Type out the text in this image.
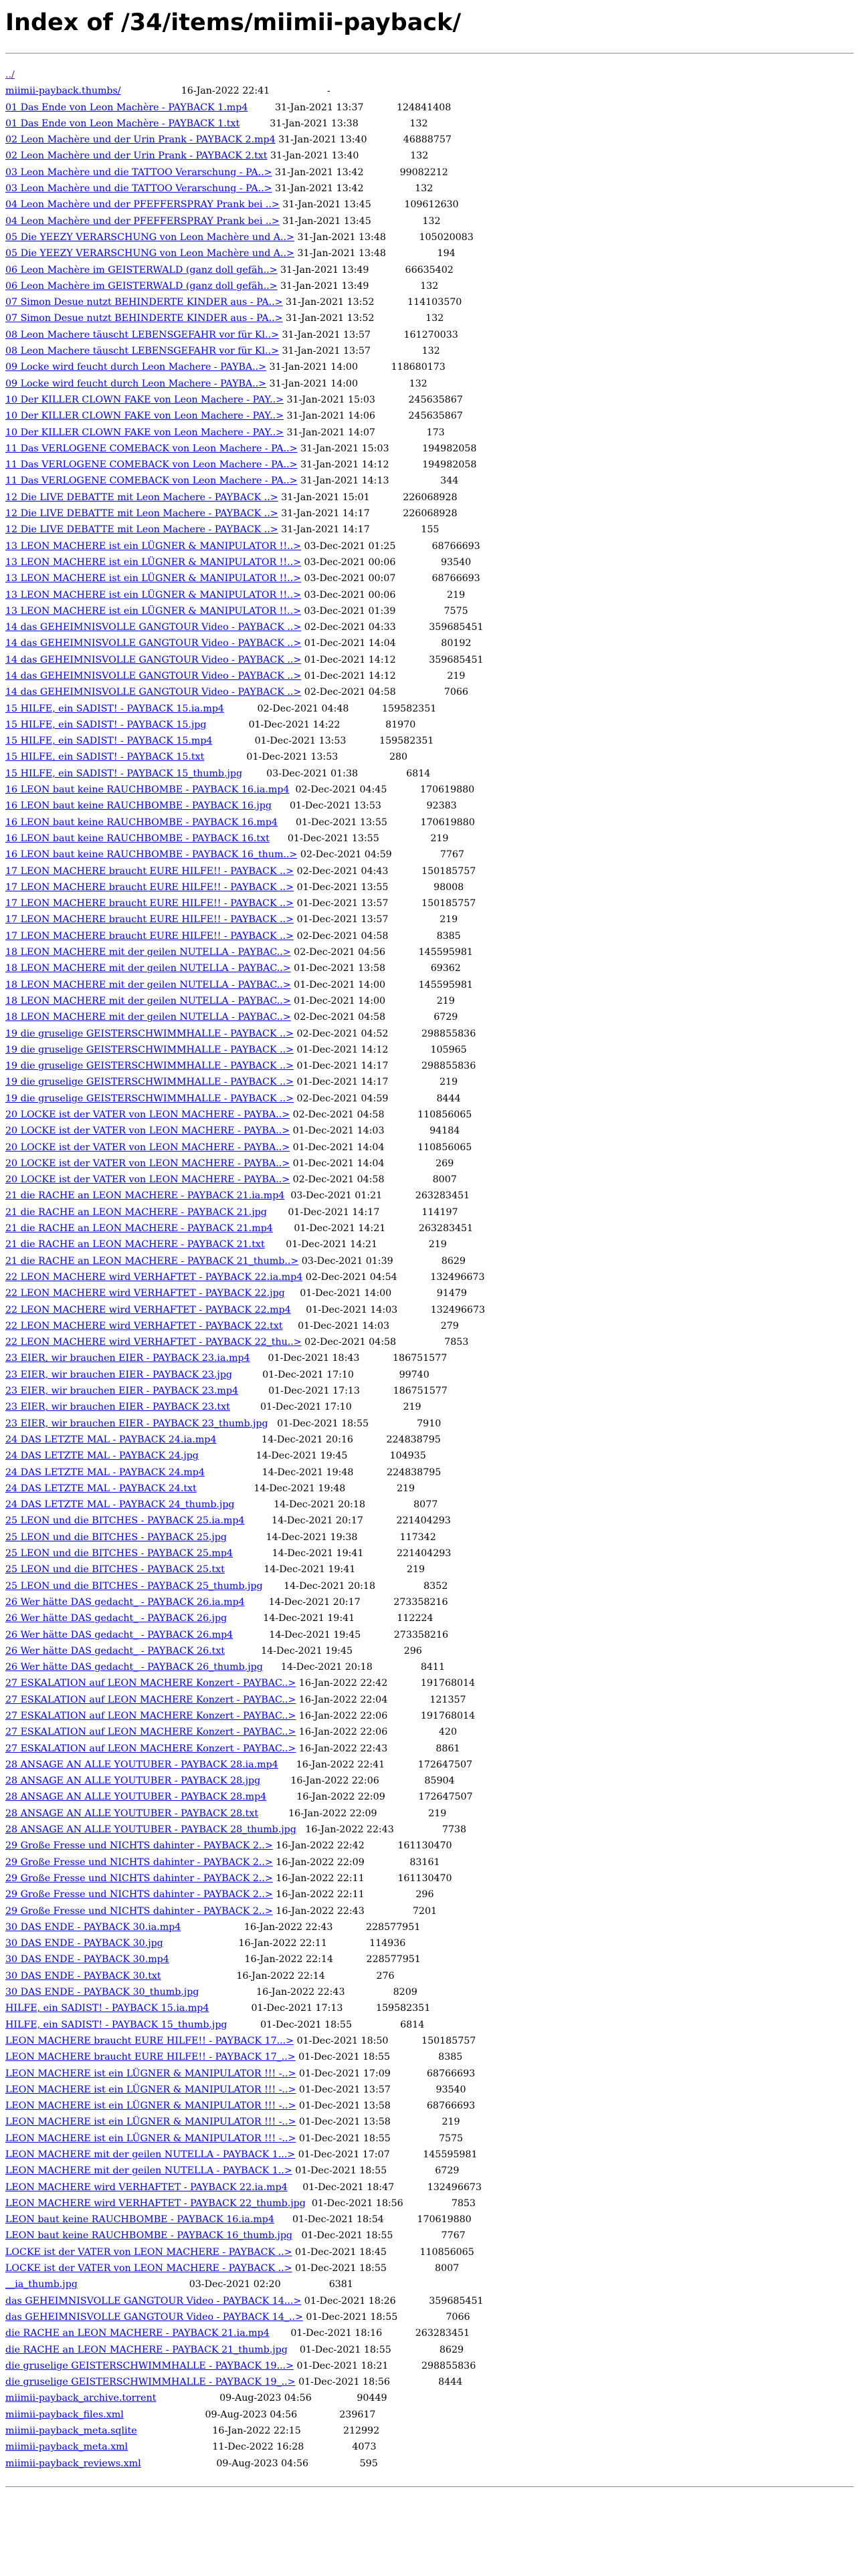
Index of /34/items/miimii-payback/
../
miimii-payback.thumbs/                    16-Jan-2022 22:41                   -
01 Das Ende von Leon Machère - PAYBACK 1.mp4         31-Jan-2021 13:37           124841408
01 Das Ende von Leon Machère - PAYBACK 1.txt          31-Jan-2021 13:38                 132
02 Leon Machère und der Urin Prank - PAYBACK 2.mp4 31-Jan-2021 13:40            46888757
02 Leon Machère und der Urin Prank - PAYBACK 2.txt 31-Jan-2021 13:40                 132
03 Leon Machère und die TATTOO Verarschung - PA..> 31-Jan-2021 13:42            99082212
03 Leon Machère und die TATTOO Verarschung - PA..> 31-Jan-2021 13:42                 132
04 Leon Machère und der PFEFFERSPRAY Prank bei ..> 31-Jan-2021 13:45           109612630
04 Leon Machère und der PFEFFERSPRAY Prank bei ..> 31-Jan-2021 13:45                 132
05 Die YEEZY VERARSCHUNG von Leon Machère und A..> 31-Jan-2021 13:48           105020083
05 Die YEEZY VERARSCHUNG von Leon Machère und A..> 31-Jan-2021 13:48                 194
06 Leon Machère im GEISTERWALD (ganz doll gefäh..> 31-Jan-2021 13:49            66635402
06 Leon Machère im GEISTERWALD (ganz doll gefäh..> 31-Jan-2021 13:49                 132
07 Simon Desue nutzt BEHINDERTE KINDER aus - PA..> 31-Jan-2021 13:52           114103570
07 Simon Desue nutzt BEHINDERTE KINDER aus - PA..> 31-Jan-2021 13:52                 132
08 Leon Machere täuscht LEBENSGEFAHR vor für Kl..> 31-Jan-2021 13:57           161270033
08 Leon Machere täuscht LEBENSGEFAHR vor für Kl..> 31-Jan-2021 13:57                 132
09 Locke wird feucht durch Leon Machere - PAYBA..> 31-Jan-2021 14:00           118680173
09 Locke wird feucht durch Leon Machere - PAYBA..> 31-Jan-2021 14:00                 132
10 Der KILLER CLOWN FAKE von Leon Machere - PAY..> 31-Jan-2021 15:03           245635867
10 Der KILLER CLOWN FAKE von Leon Machere - PAY..> 31-Jan-2021 14:06           245635867
10 Der KILLER CLOWN FAKE von Leon Machere - PAY..> 31-Jan-2021 14:07                 173
11 Das VERLOGENE COMEBACK von Leon Machere - PA..> 31-Jan-2021 15:03           194982058
11 Das VERLOGENE COMEBACK von Leon Machere - PA..> 31-Jan-2021 14:12           194982058
11 Das VERLOGENE COMEBACK von Leon Machere - PA..> 31-Jan-2021 14:13                 344
12 Die LIVE DEBATTE mit Leon Machere - PAYBACK ..> 31-Jan-2021 15:01           226068928
12 Die LIVE DEBATTE mit Leon Machere - PAYBACK ..> 31-Jan-2021 14:17           226068928
12 Die LIVE DEBATTE mit Leon Machere - PAYBACK ..> 31-Jan-2021 14:17                 155
13 LEON MACHERE ist ein LÜGNER & MANIPULATOR !!..> 03-Dec-2021 01:25            68766693
13 LEON MACHERE ist ein LÜGNER & MANIPULATOR !!..> 03-Dec-2021 00:06               93540
13 LEON MACHERE ist ein LÜGNER & MANIPULATOR !!..> 03-Dec-2021 00:07            68766693
13 LEON MACHERE ist ein LÜGNER & MANIPULATOR !!..> 03-Dec-2021 00:06                 219
13 LEON MACHERE ist ein LÜGNER & MANIPULATOR !!..> 03-Dec-2021 01:39                7575
14 das GEHEIMNISVOLLE GANGTOUR Video - PAYBACK ..> 02-Dec-2021 04:33           359685451
14 das GEHEIMNISVOLLE GANGTOUR Video - PAYBACK ..> 01-Dec-2021 14:04               80192
14 das GEHEIMNISVOLLE GANGTOUR Video - PAYBACK ..> 01-Dec-2021 14:12           359685451
14 das GEHEIMNISVOLLE GANGTOUR Video - PAYBACK ..> 01-Dec-2021 14:12                 219
14 das GEHEIMNISVOLLE GANGTOUR Video - PAYBACK ..> 02-Dec-2021 04:58                7066
15 HILFE, ein SADIST! - PAYBACK 15.ia.mp4           02-Dec-2021 04:48           159582351
15 HILFE, ein SADIST! - PAYBACK 15.jpg              01-Dec-2021 14:22               81970
15 HILFE, ein SADIST! - PAYBACK 15.mp4              01-Dec-2021 13:53           159582351
15 HILFE, ein SADIST! - PAYBACK 15.txt              01-Dec-2021 13:53                 280
15 HILFE, ein SADIST! - PAYBACK 15_thumb.jpg        03-Dec-2021 01:38                6814
16 LEON baut keine RAUCHBOMBE - PAYBACK 16.ia.mp4  02-Dec-2021 04:45           170619880
16 LEON baut keine RAUCHBOMBE - PAYBACK 16.jpg      01-Dec-2021 13:53               92383
16 LEON baut keine RAUCHBOMBE - PAYBACK 16.mp4      01-Dec-2021 13:55           170619880
16 LEON baut keine RAUCHBOMBE - PAYBACK 16.txt      01-Dec-2021 13:55                 219
16 LEON baut keine RAUCHBOMBE - PAYBACK 16_thum..> 02-Dec-2021 04:59                7767
17 LEON MACHERE braucht EURE HILFE!! - PAYBACK ..> 02-Dec-2021 04:43           150185757
17 LEON MACHERE braucht EURE HILFE!! - PAYBACK ..> 01-Dec-2021 13:55               98008
17 LEON MACHERE braucht EURE HILFE!! - PAYBACK ..> 01-Dec-2021 13:57           150185757
17 LEON MACHERE braucht EURE HILFE!! - PAYBACK ..> 01-Dec-2021 13:57                 219
17 LEON MACHERE braucht EURE HILFE!! - PAYBACK ..> 02-Dec-2021 04:58                8385
18 LEON MACHERE mit der geilen NUTELLA - PAYBAC..> 02-Dec-2021 04:56           145595981
18 LEON MACHERE mit der geilen NUTELLA - PAYBAC..> 01-Dec-2021 13:58               69362
18 LEON MACHERE mit der geilen NUTELLA - PAYBAC..> 01-Dec-2021 14:00           145595981
18 LEON MACHERE mit der geilen NUTELLA - PAYBAC..> 01-Dec-2021 14:00                 219
18 LEON MACHERE mit der geilen NUTELLA - PAYBAC..> 02-Dec-2021 04:58                6729
19 die gruselige GEISTERSCHWIMMHALLE - PAYBACK ..> 02-Dec-2021 04:52           298855836
19 die gruselige GEISTERSCHWIMMHALLE - PAYBACK ..> 01-Dec-2021 14:12              105965
19 die gruselige GEISTERSCHWIMMHALLE - PAYBACK ..> 01-Dec-2021 14:17           298855836
19 die gruselige GEISTERSCHWIMMHALLE - PAYBACK ..> 01-Dec-2021 14:17                 219
19 die gruselige GEISTERSCHWIMMHALLE - PAYBACK ..> 02-Dec-2021 04:59                8444
20 LOCKE ist der VATER von LEON MACHERE - PAYBA..> 02-Dec-2021 04:58           110856065
20 LOCKE ist der VATER von LEON MACHERE - PAYBA..> 01-Dec-2021 14:03               94184
20 LOCKE ist der VATER von LEON MACHERE - PAYBA..> 01-Dec-2021 14:04           110856065
20 LOCKE ist der VATER von LEON MACHERE - PAYBA..> 01-Dec-2021 14:04                 269
20 LOCKE ist der VATER von LEON MACHERE - PAYBA..> 02-Dec-2021 04:58                8007
21 die RACHE an LEON MACHERE - PAYBACK 21.ia.mp4  03-Dec-2021 01:21           263283451
21 die RACHE an LEON MACHERE - PAYBACK 21.jpg       01-Dec-2021 14:17              114197
21 die RACHE an LEON MACHERE - PAYBACK 21.mp4       01-Dec-2021 14:21           263283451
21 die RACHE an LEON MACHERE - PAYBACK 21.txt       01-Dec-2021 14:21                 219
21 die RACHE an LEON MACHERE - PAYBACK 21_thumb..> 03-Dec-2021 01:39                8629
22 LEON MACHERE wird VERHAFTET - PAYBACK 22.ia.mp4 02-Dec-2021 04:54           132496673
22 LEON MACHERE wird VERHAFTET - PAYBACK 22.jpg     01-Dec-2021 14:00               91479
22 LEON MACHERE wird VERHAFTET - PAYBACK 22.mp4     01-Dec-2021 14:03           132496673
22 LEON MACHERE wird VERHAFTET - PAYBACK 22.txt     01-Dec-2021 14:03                 279
22 LEON MACHERE wird VERHAFTET - PAYBACK 22_thu..> 02-Dec-2021 04:58                7853
23 EIER, wir brauchen EIER - PAYBACK 23.ia.mp4      01-Dec-2021 18:43           186751577
23 EIER, wir brauchen EIER - PAYBACK 23.jpg          01-Dec-2021 17:10               99740
23 EIER, wir brauchen EIER - PAYBACK 23.mp4          01-Dec-2021 17:13           186751577
23 EIER, wir brauchen EIER - PAYBACK 23.txt          01-Dec-2021 17:10                 219
23 EIER, wir brauchen EIER - PAYBACK 23_thumb.jpg   01-Dec-2021 18:55                7910
24 DAS LETZTE MAL - PAYBACK 24.ia.mp4               14-Dec-2021 20:16           224838795
24 DAS LETZTE MAL - PAYBACK 24.jpg                   14-Dec-2021 19:45              104935
24 DAS LETZTE MAL - PAYBACK 24.mp4                   14-Dec-2021 19:48           224838795
24 DAS LETZTE MAL - PAYBACK 24.txt                   14-Dec-2021 19:48                 219
24 DAS LETZTE MAL - PAYBACK 24_thumb.jpg             14-Dec-2021 20:18                8077
25 LEON und die BITCHES - PAYBACK 25.ia.mp4         14-Dec-2021 20:17           221404293
25 LEON und die BITCHES - PAYBACK 25.jpg             14-Dec-2021 19:38              117342
25 LEON und die BITCHES - PAYBACK 25.mp4             14-Dec-2021 19:41           221404293
25 LEON und die BITCHES - PAYBACK 25.txt             14-Dec-2021 19:41                 219
25 LEON und die BITCHES - PAYBACK 25_thumb.jpg       14-Dec-2021 20:18                8352
26 Wer hätte DAS gedacht_ - PAYBACK 26.ia.mp4        14-Dec-2021 20:17           273358216
26 Wer hätte DAS gedacht_ - PAYBACK 26.jpg            14-Dec-2021 19:41              112224
26 Wer hätte DAS gedacht_ - PAYBACK 26.mp4            14-Dec-2021 19:45           273358216
26 Wer hätte DAS gedacht_ - PAYBACK 26.txt            14-Dec-2021 19:45                 296
26 Wer hätte DAS gedacht_ - PAYBACK 26_thumb.jpg      14-Dec-2021 20:18                8411
27 ESKALATION auf LEON MACHERE Konzert - PAYBAC..> 16-Jan-2022 22:42           191768014
27 ESKALATION auf LEON MACHERE Konzert - PAYBAC..> 16-Jan-2022 22:04              121357
27 ESKALATION auf LEON MACHERE Konzert - PAYBAC..> 16-Jan-2022 22:06           191768014
27 ESKALATION auf LEON MACHERE Konzert - PAYBAC..> 16-Jan-2022 22:06                 420
27 ESKALATION auf LEON MACHERE Konzert - PAYBAC..> 16-Jan-2022 22:43                8861
28 ANSAGE AN ALLE YOUTUBER - PAYBACK 28.ia.mp4      16-Jan-2022 22:41           172647507
28 ANSAGE AN ALLE YOUTUBER - PAYBACK 28.jpg          16-Jan-2022 22:06               85904
28 ANSAGE AN ALLE YOUTUBER - PAYBACK 28.mp4          16-Jan-2022 22:09           172647507
28 ANSAGE AN ALLE YOUTUBER - PAYBACK 28.txt          16-Jan-2022 22:09                 219
28 ANSAGE AN ALLE YOUTUBER - PAYBACK 28_thumb.jpg   16-Jan-2022 22:43                7738
29 Große Fresse und NICHTS dahinter - PAYBACK 2..> 16-Jan-2022 22:42           161130470
29 Große Fresse und NICHTS dahinter - PAYBACK 2..> 16-Jan-2022 22:09               83161
29 Große Fresse und NICHTS dahinter - PAYBACK 2..> 16-Jan-2022 22:11           161130470
29 Große Fresse und NICHTS dahinter - PAYBACK 2..> 16-Jan-2022 22:11                 296
29 Große Fresse und NICHTS dahinter - PAYBACK 2..> 16-Jan-2022 22:43                7201
30 DAS ENDE - PAYBACK 30.ia.mp4                     16-Jan-2022 22:43           228577951
30 DAS ENDE - PAYBACK 30.jpg                         16-Jan-2022 22:11              114936
30 DAS ENDE - PAYBACK 30.mp4                         16-Jan-2022 22:14           228577951
30 DAS ENDE - PAYBACK 30.txt                         16-Jan-2022 22:14                 276
30 DAS ENDE - PAYBACK 30_thumb.jpg                   16-Jan-2022 22:43                8209
HILFE, ein SADIST! - PAYBACK 15.ia.mp4              01-Dec-2021 17:13           159582351
HILFE, ein SADIST! - PAYBACK 15_thumb.jpg           01-Dec-2021 18:55                6814
LEON MACHERE braucht EURE HILFE!! - PAYBACK 17...> 01-Dec-2021 18:50           150185757
LEON MACHERE braucht EURE HILFE!! - PAYBACK 17_..> 01-Dec-2021 18:55                8385
LEON MACHERE ist ein LÜGNER & MANIPULATOR !!! -..> 01-Dec-2021 17:09            68766693
LEON MACHERE ist ein LÜGNER & MANIPULATOR !!! -..> 01-Dec-2021 13:57               93540
LEON MACHERE ist ein LÜGNER & MANIPULATOR !!! -..> 01-Dec-2021 13:58            68766693
LEON MACHERE ist ein LÜGNER & MANIPULATOR !!! -..> 01-Dec-2021 13:58                 219
LEON MACHERE ist ein LÜGNER & MANIPULATOR !!! -..> 01-Dec-2021 18:55                7575
LEON MACHERE mit der geilen NUTELLA - PAYBACK 1...> 01-Dec-2021 17:07           145595981
LEON MACHERE mit der geilen NUTELLA - PAYBACK 1..> 01-Dec-2021 18:55                6729
LEON MACHERE wird VERHAFTET - PAYBACK 22.ia.mp4     01-Dec-2021 18:47           132496673
LEON MACHERE wird VERHAFTET - PAYBACK 22_thumb.jpg  01-Dec-2021 18:56                7853
LEON baut keine RAUCHBOMBE - PAYBACK 16.ia.mp4      01-Dec-2021 18:54           170619880
LEON baut keine RAUCHBOMBE - PAYBACK 16_thumb.jpg   01-Dec-2021 18:55                7767
LOCKE ist der VATER von LEON MACHERE - PAYBACK ..> 01-Dec-2021 18:45           110856065
LOCKE ist der VATER von LEON MACHERE - PAYBACK ..> 01-Dec-2021 18:55                8007
__ia_thumb.jpg                                     03-Dec-2021 02:20                6381
das GEHEIMNISVOLLE GANGTOUR Video - PAYBACK 14...> 01-Dec-2021 18:26           359685451
das GEHEIMNISVOLLE GANGTOUR Video - PAYBACK 14_..> 01-Dec-2021 18:55                7066
die RACHE an LEON MACHERE - PAYBACK 21.ia.mp4       01-Dec-2021 18:16           263283451
die RACHE an LEON MACHERE - PAYBACK 21_thumb.jpg    01-Dec-2021 18:55                8629
die gruselige GEISTERSCHWIMMHALLE - PAYBACK 19...> 01-Dec-2021 18:21           298855836
die gruselige GEISTERSCHWIMMHALLE - PAYBACK 19_..> 01-Dec-2021 18:56                8444
miimii-payback_archive.torrent                     09-Aug-2023 04:56               90449
miimii-payback_files.xml                           09-Aug-2023 04:56              239617
miimii-payback_meta.sqlite                         16-Jan-2022 22:15              212992
miimii-payback_meta.xml                            11-Dec-2022 16:28                4073
miimii-payback_reviews.xml                         09-Aug-2023 04:56                 595
